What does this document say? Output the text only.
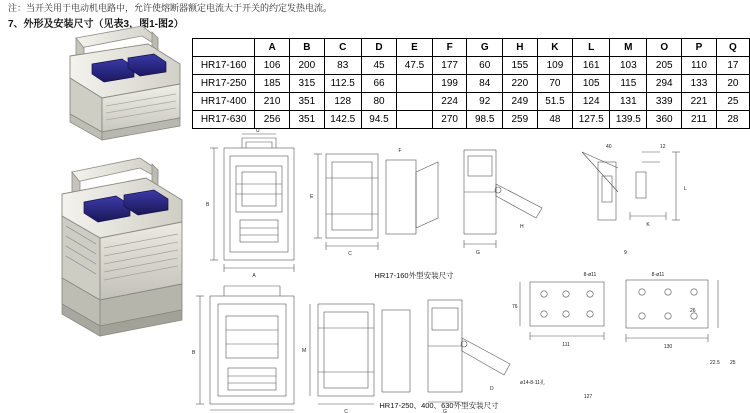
注：当开关用于电动机电路中，允许使熔断器额定电流大于开关的约定发热电流。
7、外形及安装尺寸（见表3，图1-图2）
	A	B	C	D	E	F	G	H	K	L	M	O	P	Q
HR17-160	106	200	83	45	47.5	177	60	155	109	161	103	205	110	17
HR17-250	185	315	112.5	66		199	84	220	70	105	115	294	133	20
HR17-400	210	351	128	80		224	92	249	51.5	124	131	339	221	25
HR17-630	256	351	142.5	94.5		270	98.5	259	48	127.5	139.5	360	211	28
A
B
U
C
E
F
G
H	K
L
40	12
26
9
111	130
76
8-ø11	8-ø11
ø14-8-11孔
127
22.5 25
B
C
M
G
D
HR17-160外型安装尺寸
HR17-250、400、630外型安装尺寸
